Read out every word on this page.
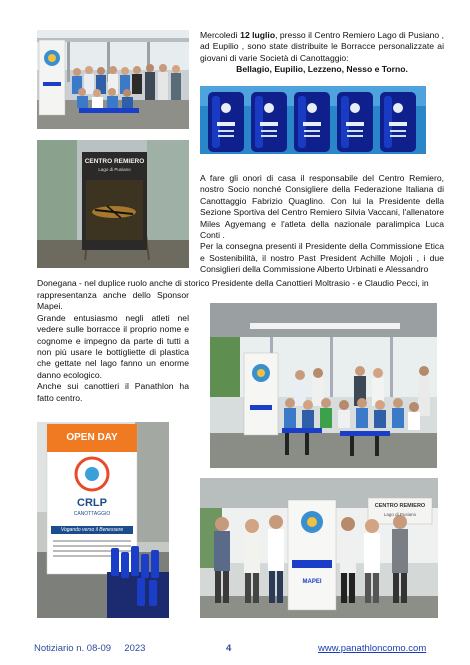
Mercoledì 12 luglio, presso il Centro Remiero Lago di Pusiano , ad Eupilio , sono state distribuite le Borracce personalizzate ai giovani di varie Società di Canottaggio:

Bellagio, Eupilio, Lezzeno, Nesso e Torno.

CENTRO REMIERO
Lago di Pusiano

A fare gli onori di casa il responsabile del Centro Remiero, nostro Socio nonché Consigliere della Federazione Italiana di Canottaggio Fabrizio Quaglino. Con lui la Presidente della Sezione Sportiva del Centro Remiero Silvia Vaccani, l'allenatore Miles Agyemang e l'atleta della nazionale paralimpica Luca Conti .

Per la consegna presenti il Presidente della Commissione Etica e Sostenibilità, il nostro Past President Achille Mojoli , i due Consiglieri della Commissione Alberto Urbinati e Alessandro

Donegana - nel duplice ruolo anche di storico Presidente della Canottieri Moltrasio - e Claudio Pecci, in

rappresentanza anche dello Sponsor Mapei.

Grande entusiasmo negli atleti nel vedere sulle borracce il proprio nome e cognome e impegno da parte di tutti a non più usare le bottigliette di plastica che gettate nel lago fanno un enorme danno ecologico.

Anche sui canottieri il Panathlon ha fatto centro.

OPEN DAY
CRLP
CANOTTAGGIO
Vogando verso il Benessere
MAPEI
CENTRO REMIERO
Lago di Pusiano
Notiziario n. 08-09     2023	4	www.panathloncomo.com
